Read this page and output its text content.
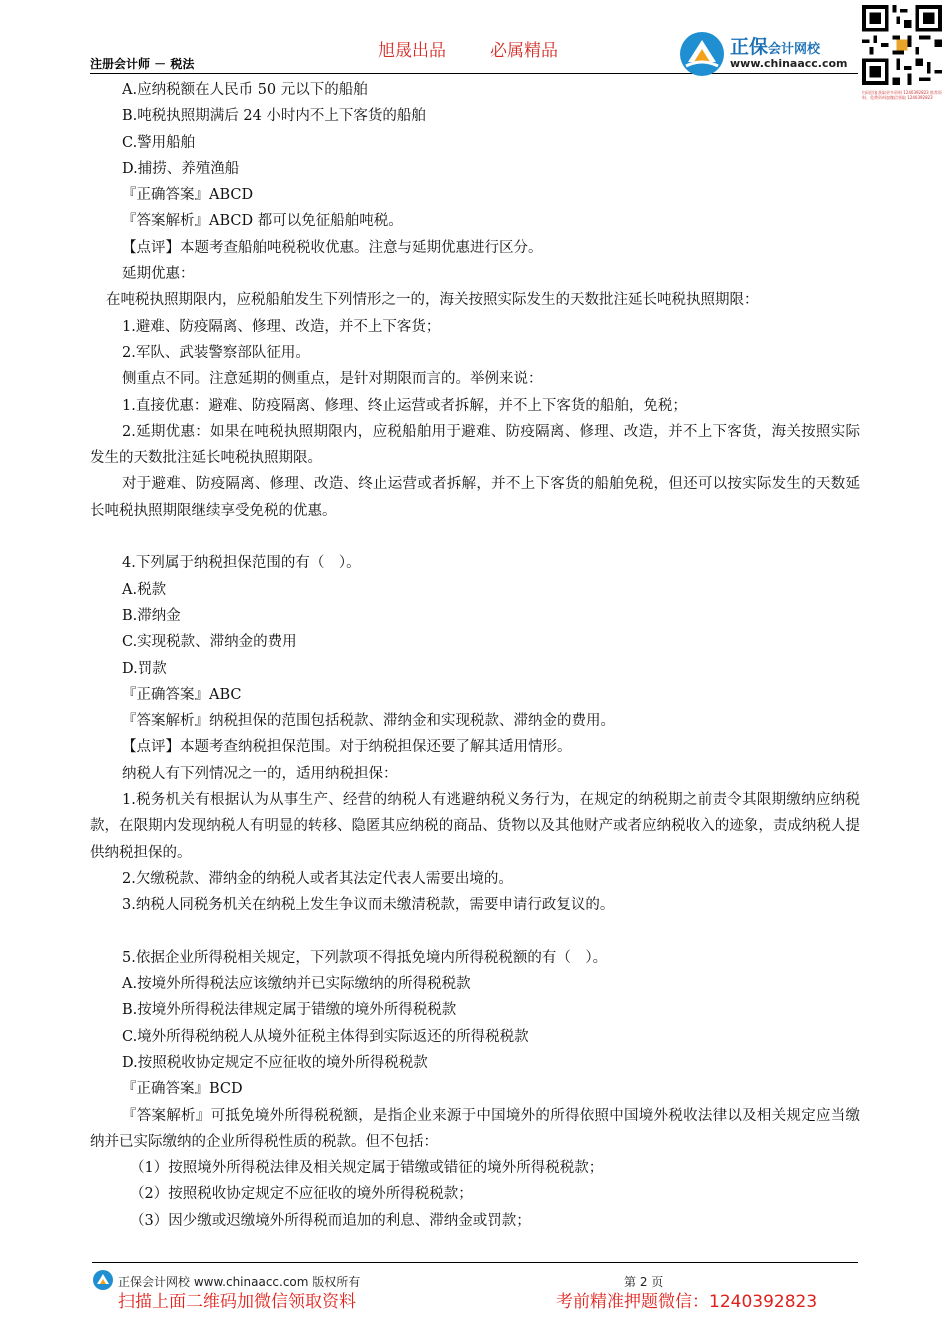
旭晟出品	必属精品
注册会计师 － 税法
正保会计网校
www.chinaacc.com
扫码回复获取更多资料 1240392823 推荐资料、免费资料加微信领取 1240392823

A.应纳税额在人民币 50 元以下的船舶

B.吨税执照期满后 24 小时内不上下客货的船舶

C.警用船舶

D.捕捞、养殖渔船

『正确答案』ABCD

『答案解析』ABCD 都可以免征船舶吨税。

【点评】本题考查船舶吨税税收优惠。注意与延期优惠进行区分。

延期优惠：

在吨税执照期限内，应税船舶发生下列情形之一的，海关按照实际发生的天数批注延长吨税执照期限：

1.避难、防疫隔离、修理、改造，并不上下客货；

2.军队、武装警察部队征用。

侧重点不同。注意延期的侧重点，是针对期限而言的。举例来说：

1.直接优惠：避难、防疫隔离、修理、终止运营或者拆解，并不上下客货的船舶，免税；

2.延期优惠：如果在吨税执照期限内，应税船舶用于避难、防疫隔离、修理、改造，并不上下客货，海关按照实际发生的天数批注延长吨税执照期限。

对于避难、防疫隔离、修理、改造、终止运营或者拆解，并不上下客货的船舶免税，但还可以按实际发生的天数延长吨税执照期限继续享受免税的优惠。

4.下列属于纳税担保范围的有（　）。

A.税款

B.滞纳金

C.实现税款、滞纳金的费用

D.罚款

『正确答案』ABC

『答案解析』纳税担保的范围包括税款、滞纳金和实现税款、滞纳金的费用。

【点评】本题考查纳税担保范围。对于纳税担保还要了解其适用情形。

纳税人有下列情况之一的，适用纳税担保：

1.税务机关有根据认为从事生产、经营的纳税人有逃避纳税义务行为，在规定的纳税期之前责令其限期缴纳应纳税款，在限期内发现纳税人有明显的转移、隐匿其应纳税的商品、货物以及其他财产或者应纳税收入的迹象，责成纳税人提供纳税担保的。

2.欠缴税款、滞纳金的纳税人或者其法定代表人需要出境的。

3.纳税人同税务机关在纳税上发生争议而未缴清税款，需要申请行政复议的。

5.依据企业所得税相关规定，下列款项不得抵免境内所得税税额的有（　）。

A.按境外所得税法应该缴纳并已实际缴纳的所得税税款

B.按境外所得税法律规定属于错缴的境外所得税税款

C.境外所得税纳税人从境外征税主体得到实际返还的所得税税款

D.按照税收协定规定不应征收的境外所得税税款

『正确答案』BCD

『答案解析』可抵免境外所得税税额，是指企业来源于中国境外的所得依照中国境外税收法律以及相关规定应当缴纳并已实际缴纳的企业所得税性质的税款。但不包括：

（1）按照境外所得税法律及相关规定属于错缴或错征的境外所得税税款；

（2）按照税收协定规定不应征收的境外所得税税款；

（3）因少缴或迟缴境外所得税而追加的利息、滞纳金或罚款；

正保会计网校 www.chinaacc.com 版权所有	第 2 页
扫描上面二维码加微信领取资料	考前精准押题微信：1240392823
